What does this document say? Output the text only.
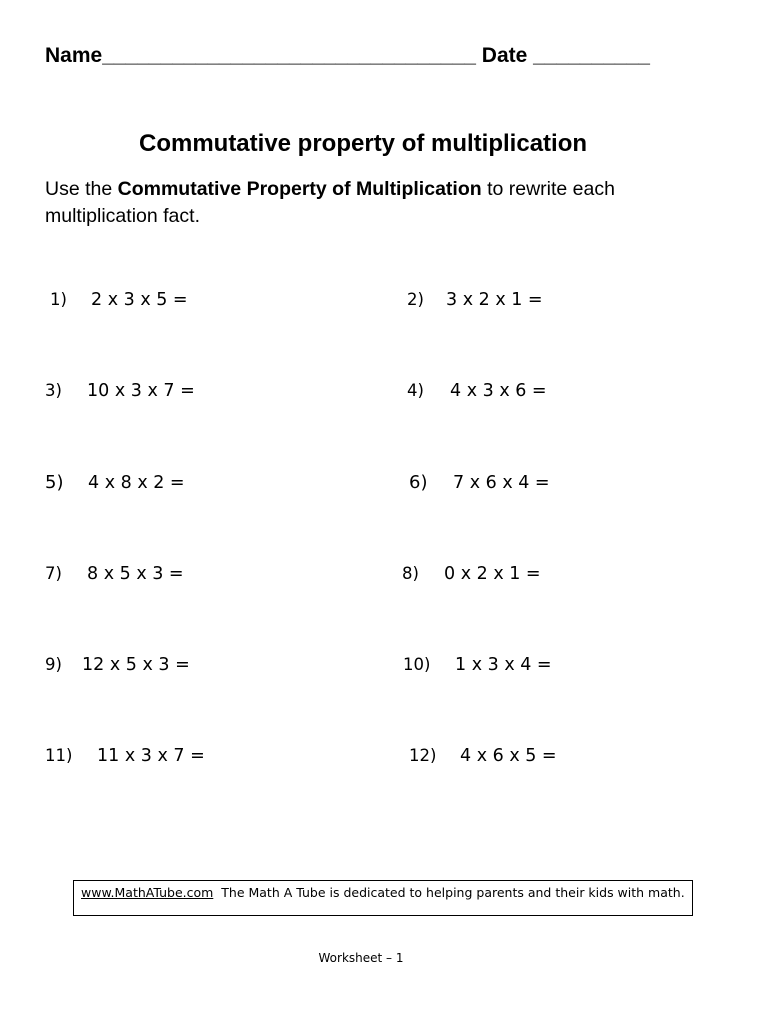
Name________________________________ Date __________
Commutative property of multiplication
Use the Commutative Property of Multiplication to rewrite each multiplication fact.
1) 2 x 3 x 5 =	2) 3 x 2 x 1 =
3) 10 x 3 x 7 =	4) 4 x 3 x 6 =
5) 4 x 8 x 2 =	6) 7 x 6 x 4 =
7) 8 x 5 x 3 =	8) 0 x 2 x 1 =
9) 12 x 5 x 3 =	10) 1 x 3 x 4 =
11) 11 x 3 x 7 =	12) 4 x 6 x 5 =
www.MathATube.com The Math A Tube is dedicated to helping parents and their kids with math.
Worksheet – 1
